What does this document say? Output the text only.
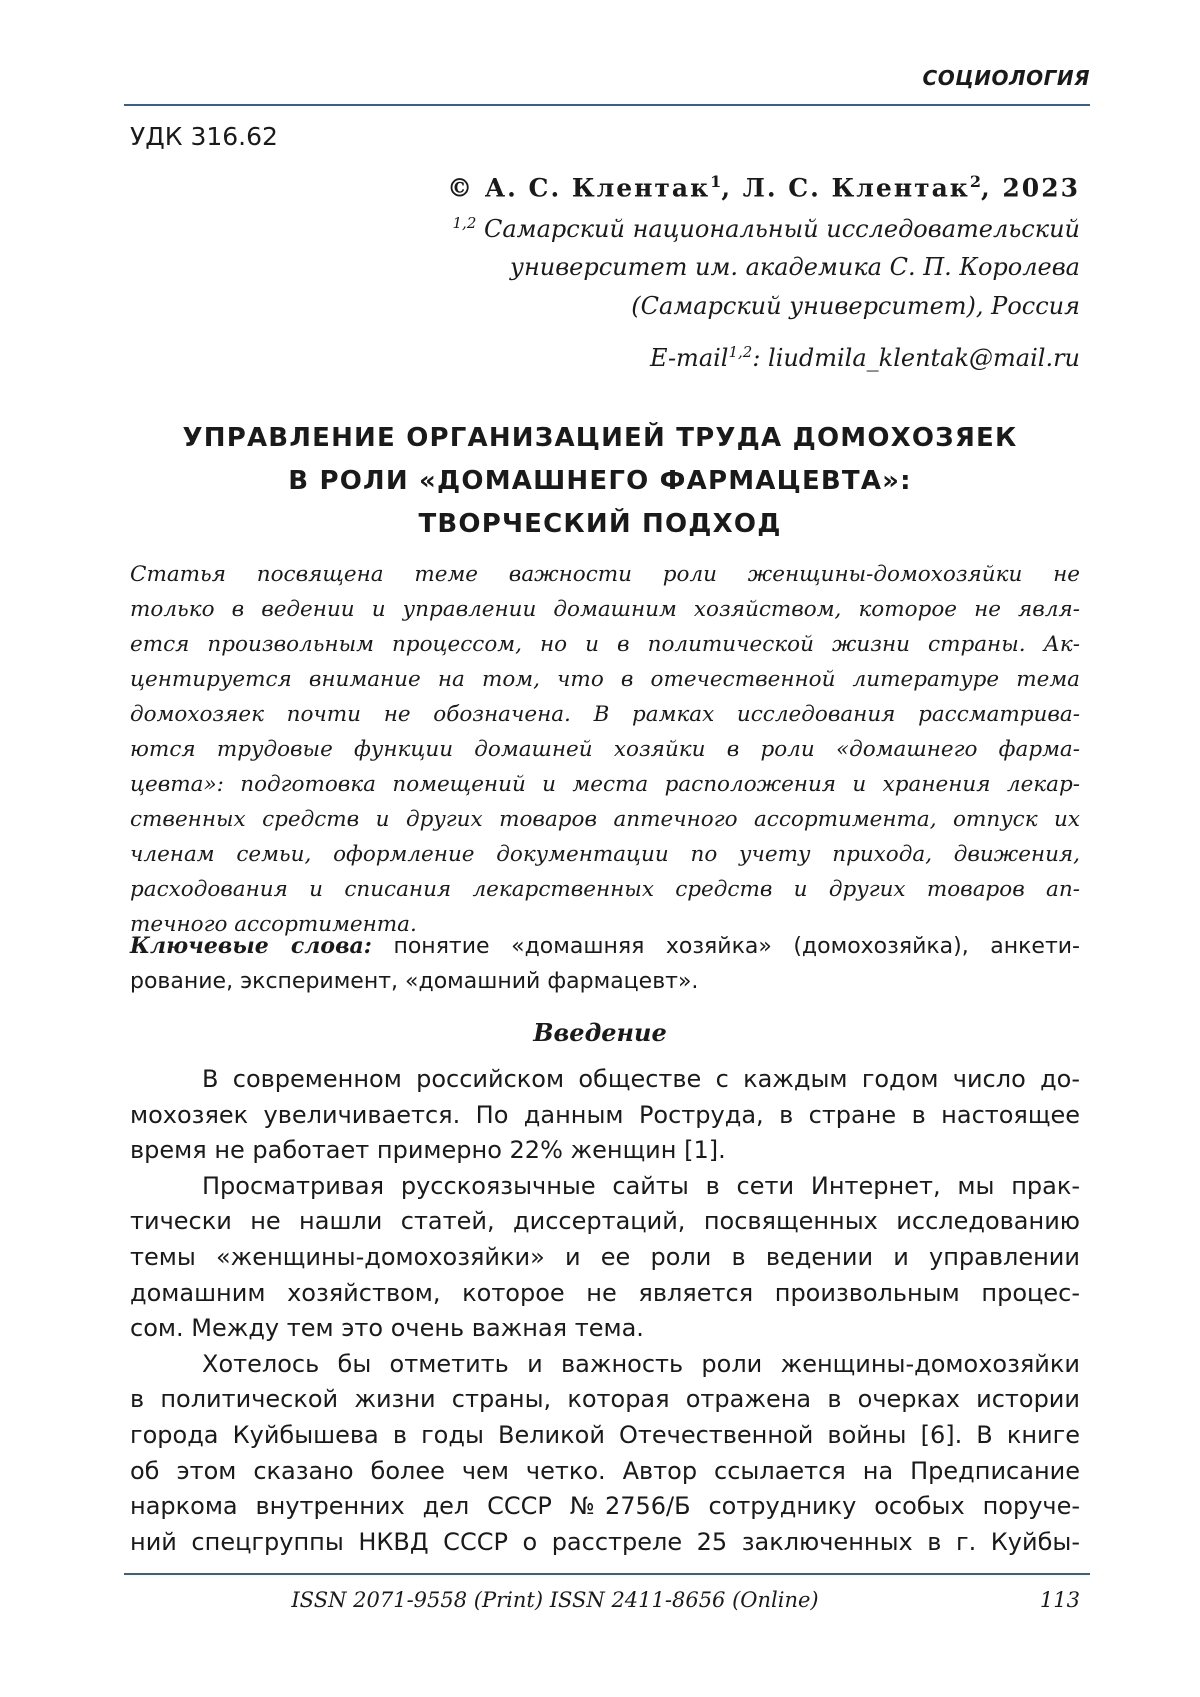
СОЦИОЛОГИЯ
УДК 316.62
© А. С. Клентак$^1$, Л. С. Клентак$^2$, 2023
$^{1,2}$ Самарский национальный исследовательский
университет им. академика С. П. Королева
(Самарский университет), Россия
E-mail$^{1,2}$: liudmila_klentak@mail.ru
УПРАВЛЕНИЕ ОРГАНИЗАЦИЕЙ ТРУДА ДОМОХОЗЯЕК
В РОЛИ «ДОМАШНЕГО ФАРМАЦЕВТА»:
ТВОРЧЕСКИЙ ПОДХОД
Статья посвящена теме важности роли женщины-домохозяйки не
только в ведении и управлении домашним хозяйством, которое не явля-
ется произвольным процессом, но и в политической жизни страны. Ак-
центируется внимание на том, что в отечественной литературе тема
домохозяек почти не обозначена. В рамках исследования рассматрива-
ются трудовые функции домашней хозяйки в роли «домашнего фарма-
цевта»: подготовка помещений и места расположения и хранения лекар-
ственных средств и других товаров аптечного ассортимента, отпуск их
членам семьи, оформление документации по учету прихода, движения,
расходования и списания лекарственных средств и других товаров ап-
течного ассортимента.
Ключевые слова: понятие «домашняя хозяйка» (домохозяйка), анкети-
рование, эксперимент, «домашний фармацевт».
Введение
В современном российском обществе с каждым годом число до-
мохозяек увеличивается. По данным Роструда, в стране в настоящее
время не работает примерно 22% женщин [1].
Просматривая русскоязычные сайты в сети Интернет, мы прак-
тически не нашли статей, диссертаций, посвященных исследованию
темы «женщины-домохозяйки» и ее роли в ведении и управлении
домашним хозяйством, которое не является произвольным процес-
сом. Между тем это очень важная тема.
Хотелось бы отметить и важность роли женщины-домохозяйки
в политической жизни страны, которая отражена в очерках истории
города Куйбышева в годы Великой Отечественной войны [6]. В книге
об этом сказано более чем четко. Автор ссылается на Предписание
наркома внутренних дел СССР №2756/Б сотруднику особых поруче-
ний спецгруппы НКВД СССР о расстреле 25 заключенных в г. Куйбы-
ISSN 2071-9558 (Print) ISSN 2411-8656 (Online)	113
